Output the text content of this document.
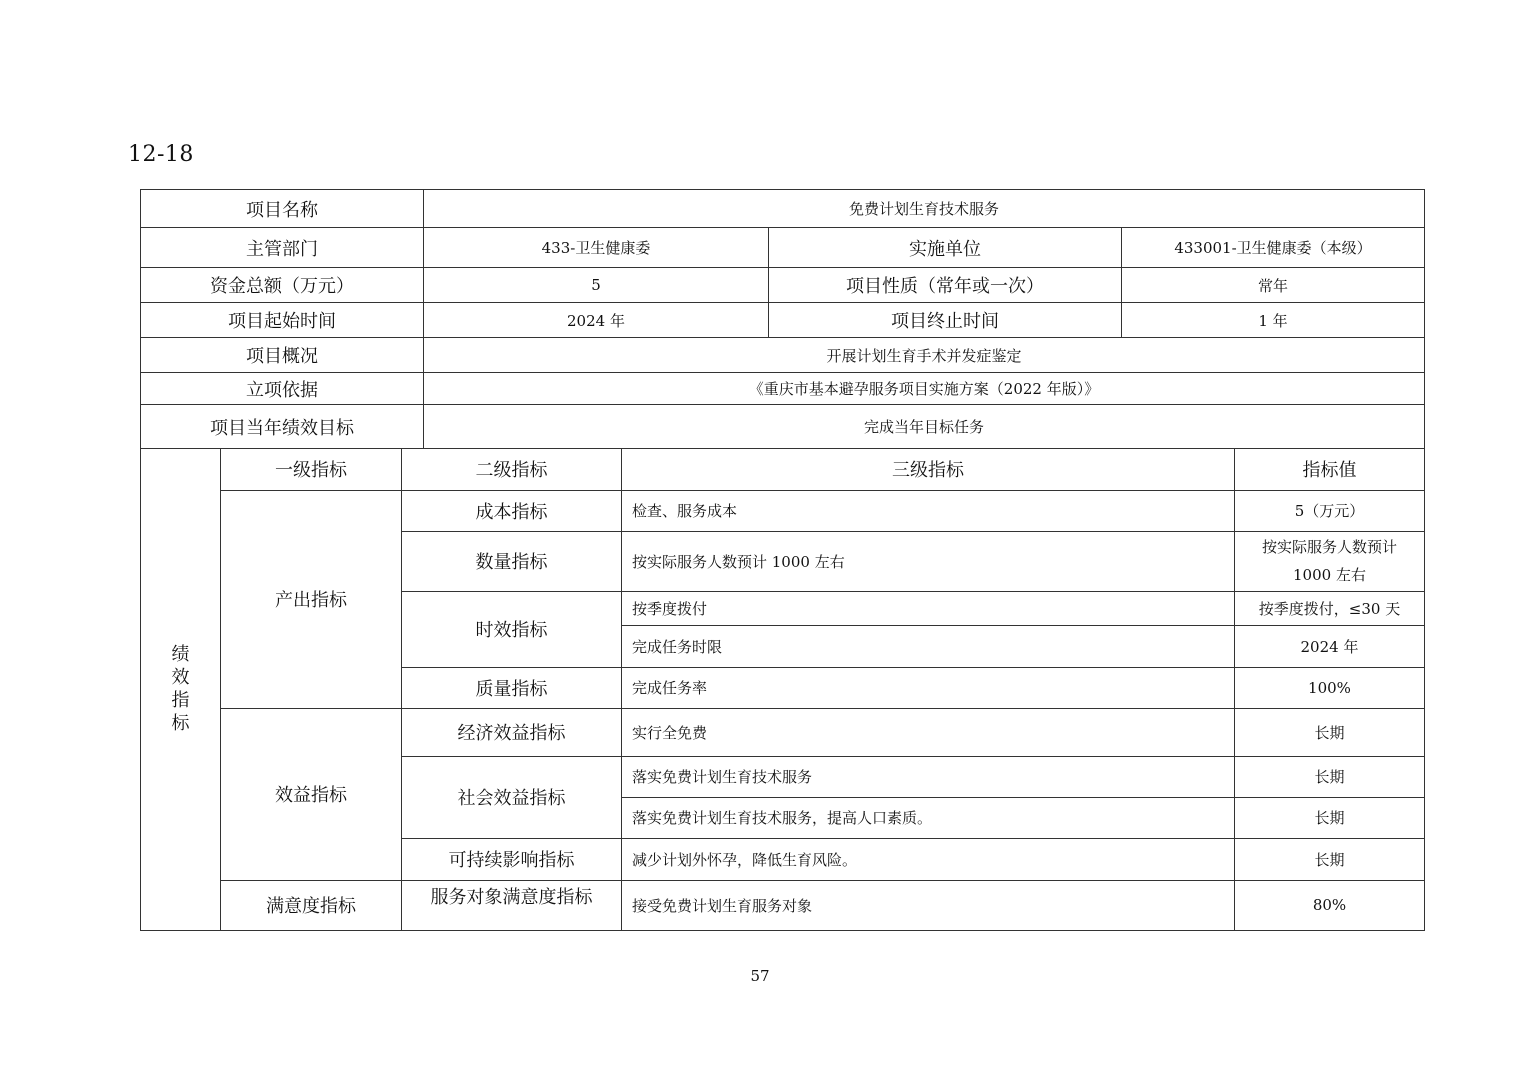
12-18
项目名称	免费计划生育技术服务		
主管部门	433-卫生健康委	实施单位	433001-卫生健康委（本级）
资金总额（万元）	5	项目性质（常年或一次）	常年
项目起始时间	2024 年	项目终止时间	1 年
项目概况	开展计划生育手术并发症鉴定		
立项依据	《重庆市基本避孕服务项目实施方案（2022 年版）》		
项目当年绩效目标	完成当年目标任务		
绩效指标	一级指标	二级指标	三级指标	指标值
	产出指标	成本指标	检查、服务成本	5（万元）
		数量指标	按实际服务人数预计 1000 左右	按实际服务人数预计
1000 左右

		时效指标	按季度拨付	按季度拨付，≤30 天
			完成任务时限	2024 年
		质量指标	完成任务率	100%
	效益指标	经济效益指标	实行全免费	长期
		社会效益指标	落实免费计划生育技术服务	长期
			落实免费计划生育技术服务，提高人口素质。	长期
		可持续影响指标	减少计划外怀孕，降低生育风险。	长期
	满意度指标	服务对象满意度指标	接受免费计划生育服务对象	80%
57
